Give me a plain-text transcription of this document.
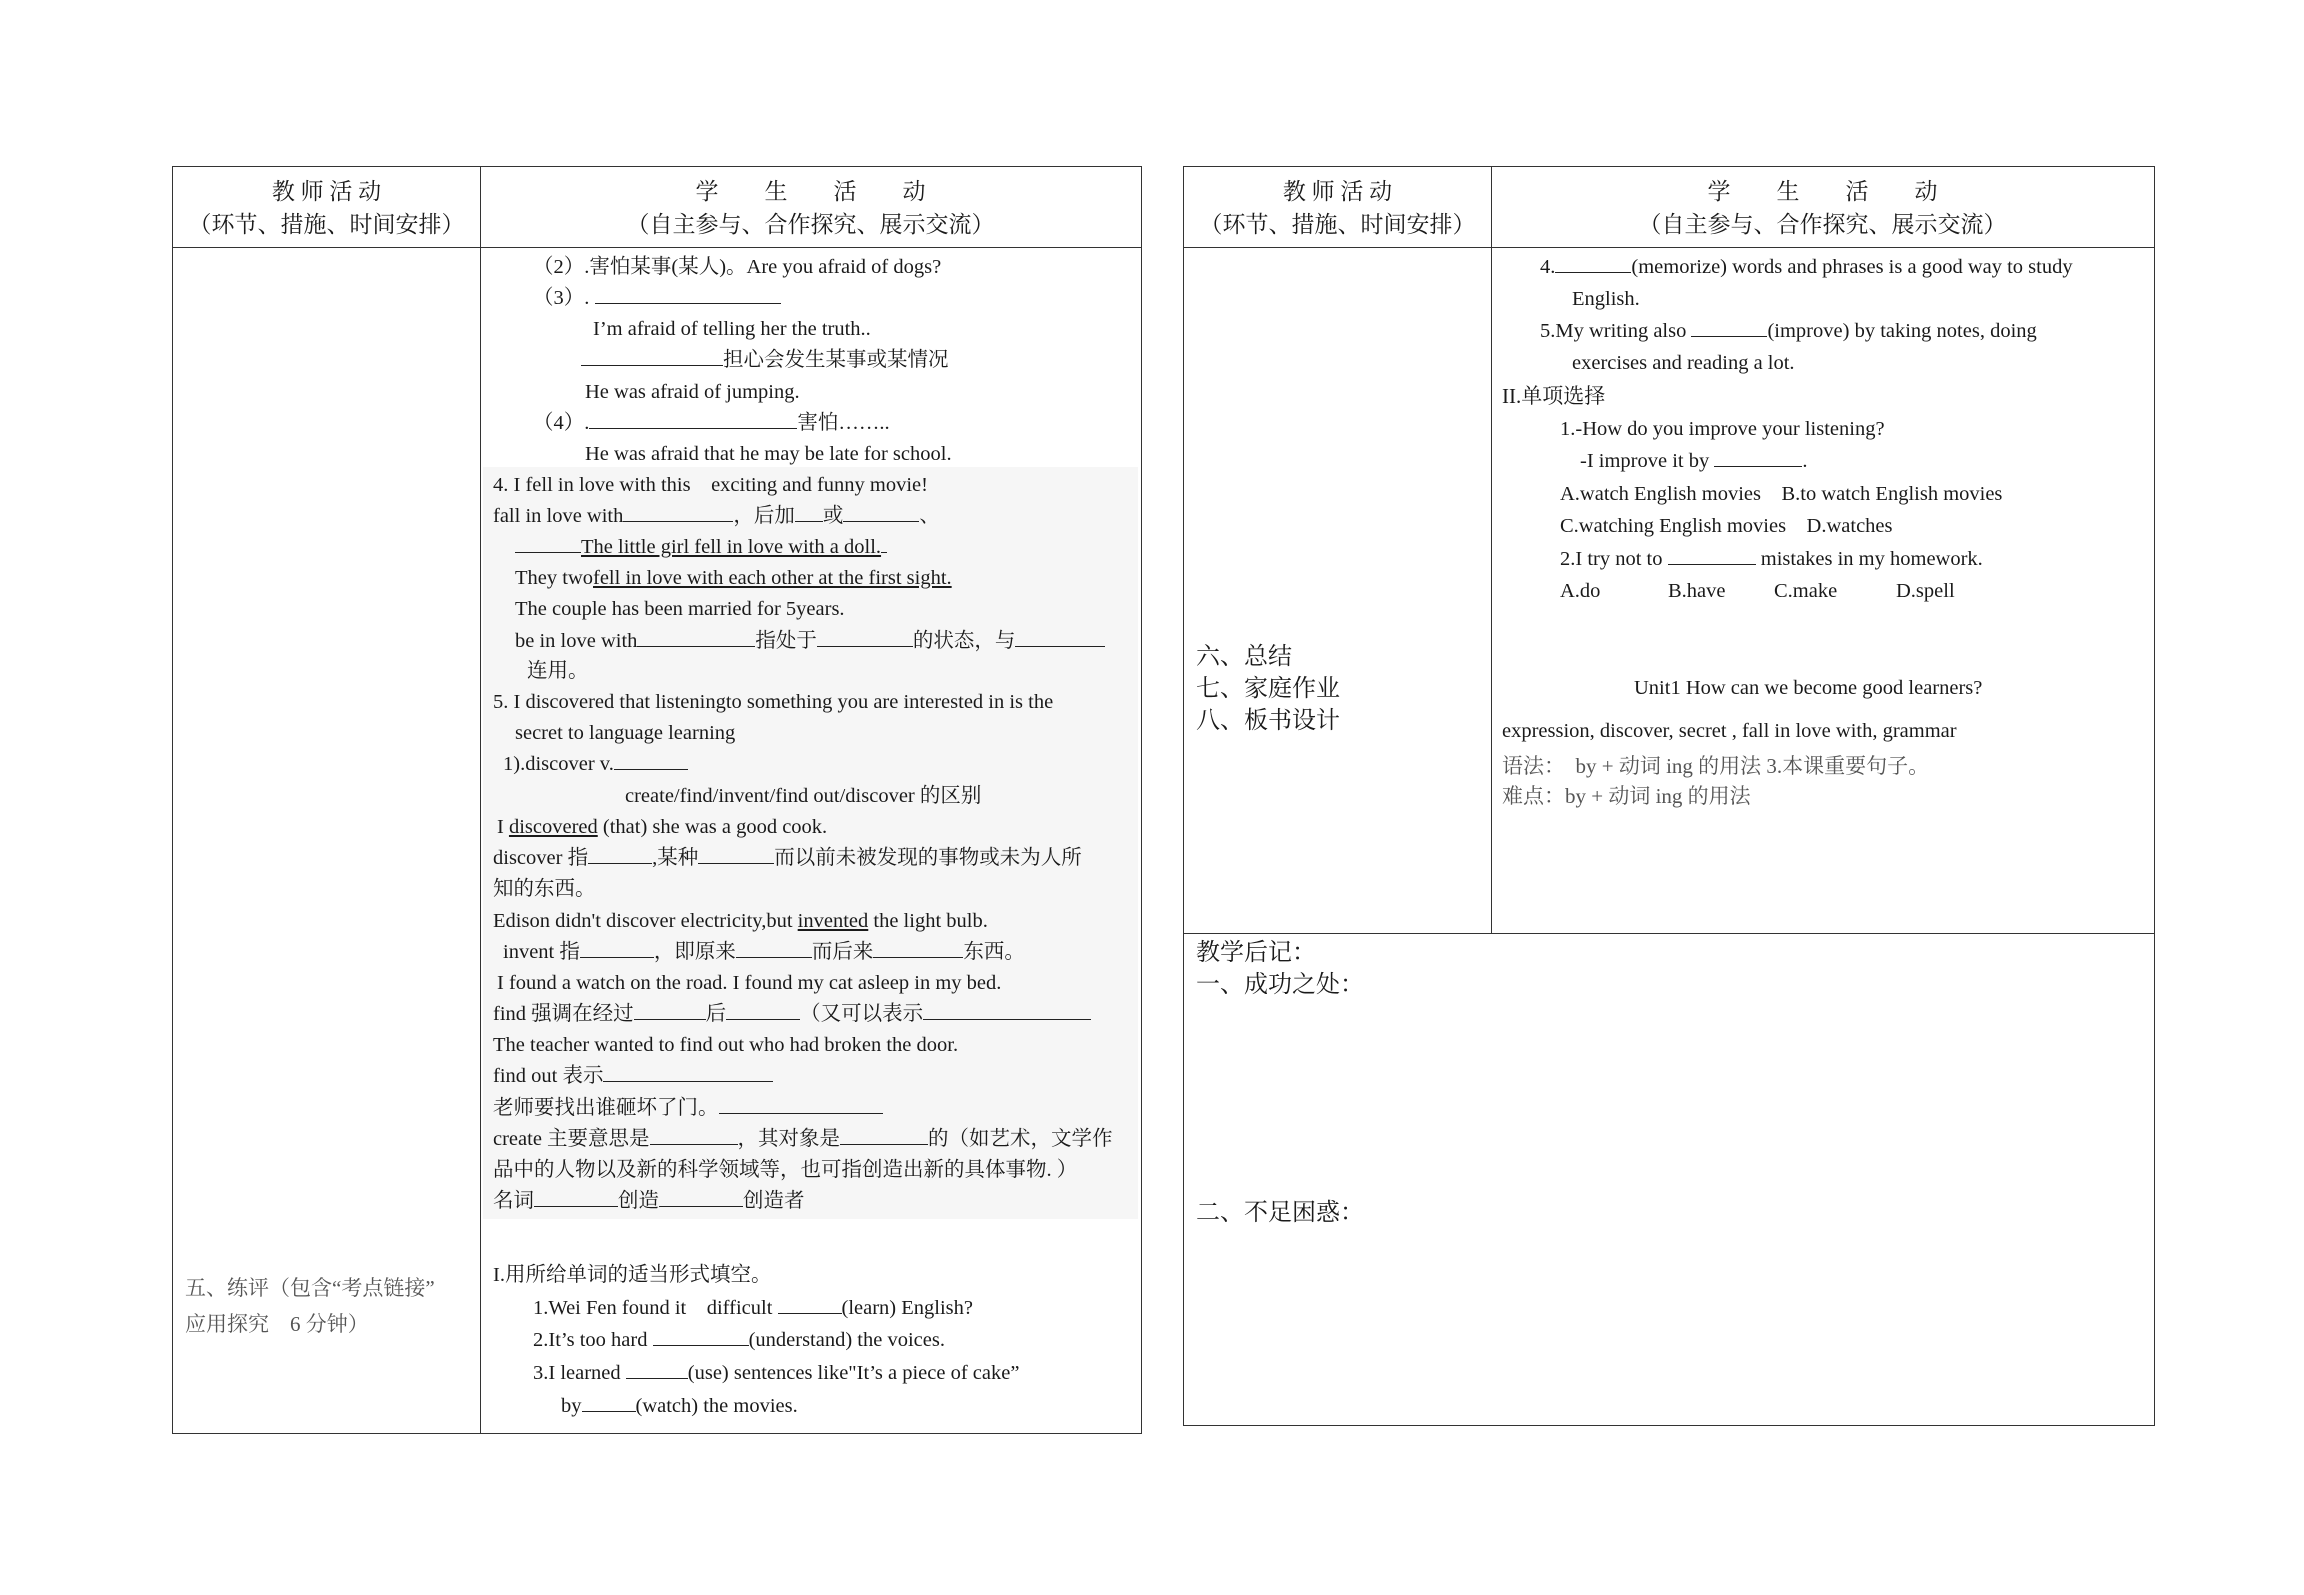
教 师 活 动
（环节、措施、时间安排）
学　　生　　活　　动
（自主参与、合作探究、展示交流）
五、练评（包含“考点链接”
应用探究　6 分钟）
（2）.害怕某事(某人)。Are you afraid of dogs?
（3）.
I’m afraid of telling her the truth..
担心会发生某事或某情况
He was afraid of jumping.
（4）.	害怕……..
He was afraid that he may be late for school.
4. I fell in love with this　exciting and funny movie!
fall in love with	，后加 或	、
The little girl fell in love with a doll.
They twofell in love with each other at the first sight.
The couple has been married for 5years.
be in love with	指处于	的状态，与
连用。
5. I discovered that listeningto something you are interested in is the
secret to language learning
1).discover v.
create/find/invent/find out/discover 的区别
I discovered (that) she was a good cook.
discover 指	,某种	而以前未被发现的事物或未为人所
知的东西。
Edison didn't discover electricity,but invented the light bulb.
invent 指	，即原来	而后来	东西。
I found a watch on the road. I found my cat asleep in my bed.
find 强调在经过	后	（又可以表示
The teacher wanted to find out who had broken the door.
find out 表示
老师要找出谁砸坏了门。
create 主要意思是	，其对象是	的（如艺术，文学作
品中的人物以及新的科学领域等，也可指创造出新的具体事物. ）
名词	创造	创造者
I.用所给单词的适当形式填空。
1.Wei Fen found it　difficult	(learn) English?
2.It’s too hard	(understand) the voices.
3.I learned	(use) sentences like"It’s a piece of cake”
by	(watch) the movies.
教 师 活 动
（环节、措施、时间安排）
学　　生　　活　　动
（自主参与、合作探究、展示交流）
六、总结
七、家庭作业
八、板书设计
4.	(memorize) words and phrases is a good way to study
English.
5.My writing also	(improve) by taking notes, doing
exercises and reading a lot.
II.单项选择
1.-How do you improve your listening?
-I improve it by	.
A.watch English movies　B.to watch English movies
C.watching English movies　D.watches
2.I try not to	mistakes in my homework.
A.do	B.have C.make	D.spell
Unit1 How can we become good learners?
expression, discover, secret , fall in love with, grammar
语法：　by + 动词 ing 的用法 3.本课重要句子。
难点：by + 动词 ing 的用法
教学后记：
一、成功之处：
二、不足困惑：
